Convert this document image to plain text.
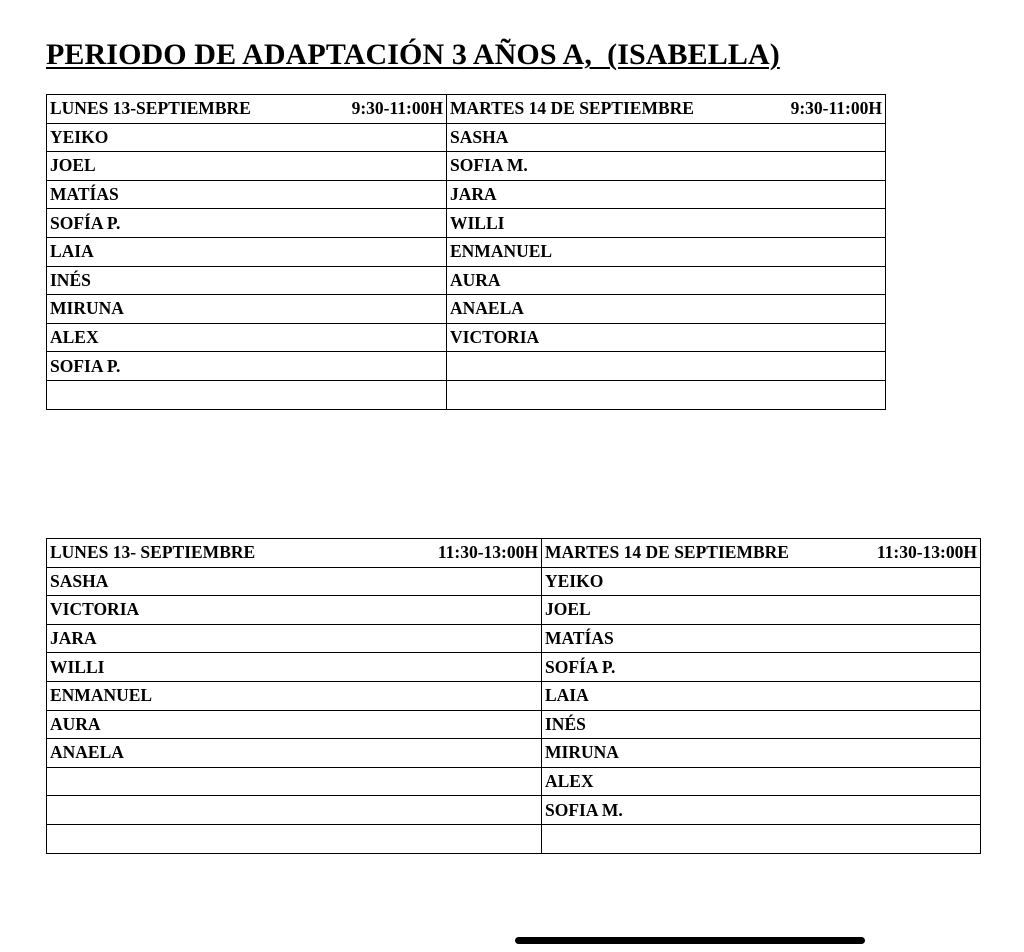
PERIODO DE ADAPTACIÓN 3 AÑOS A,  (ISABELLA)
LUNES 13-SEPTIEMBRE 9:30-11:00H	MARTES 14 DE SEPTIEMBRE 9:30-11:00H

YEIKO	SASHA
JOEL	SOFIA M.
MATÍAS	JARA
SOFÍA P.	WILLI
LAIA	ENMANUEL
INÉS	AURA
MIRUNA	ANAELA
ALEX	VICTORIA
SOFIA P.	

LUNES 13- SEPTIEMBRE 11:30-13:00H	MARTES 14 DE SEPTIEMBRE 11:30-13:00H

SASHA	YEIKO
VICTORIA	JOEL
JARA	MATÍAS
WILLI	SOFÍA P.
ENMANUEL	LAIA
AURA	INÉS
ANAELA	MIRUNA
	ALEX
	SOFIA M.
